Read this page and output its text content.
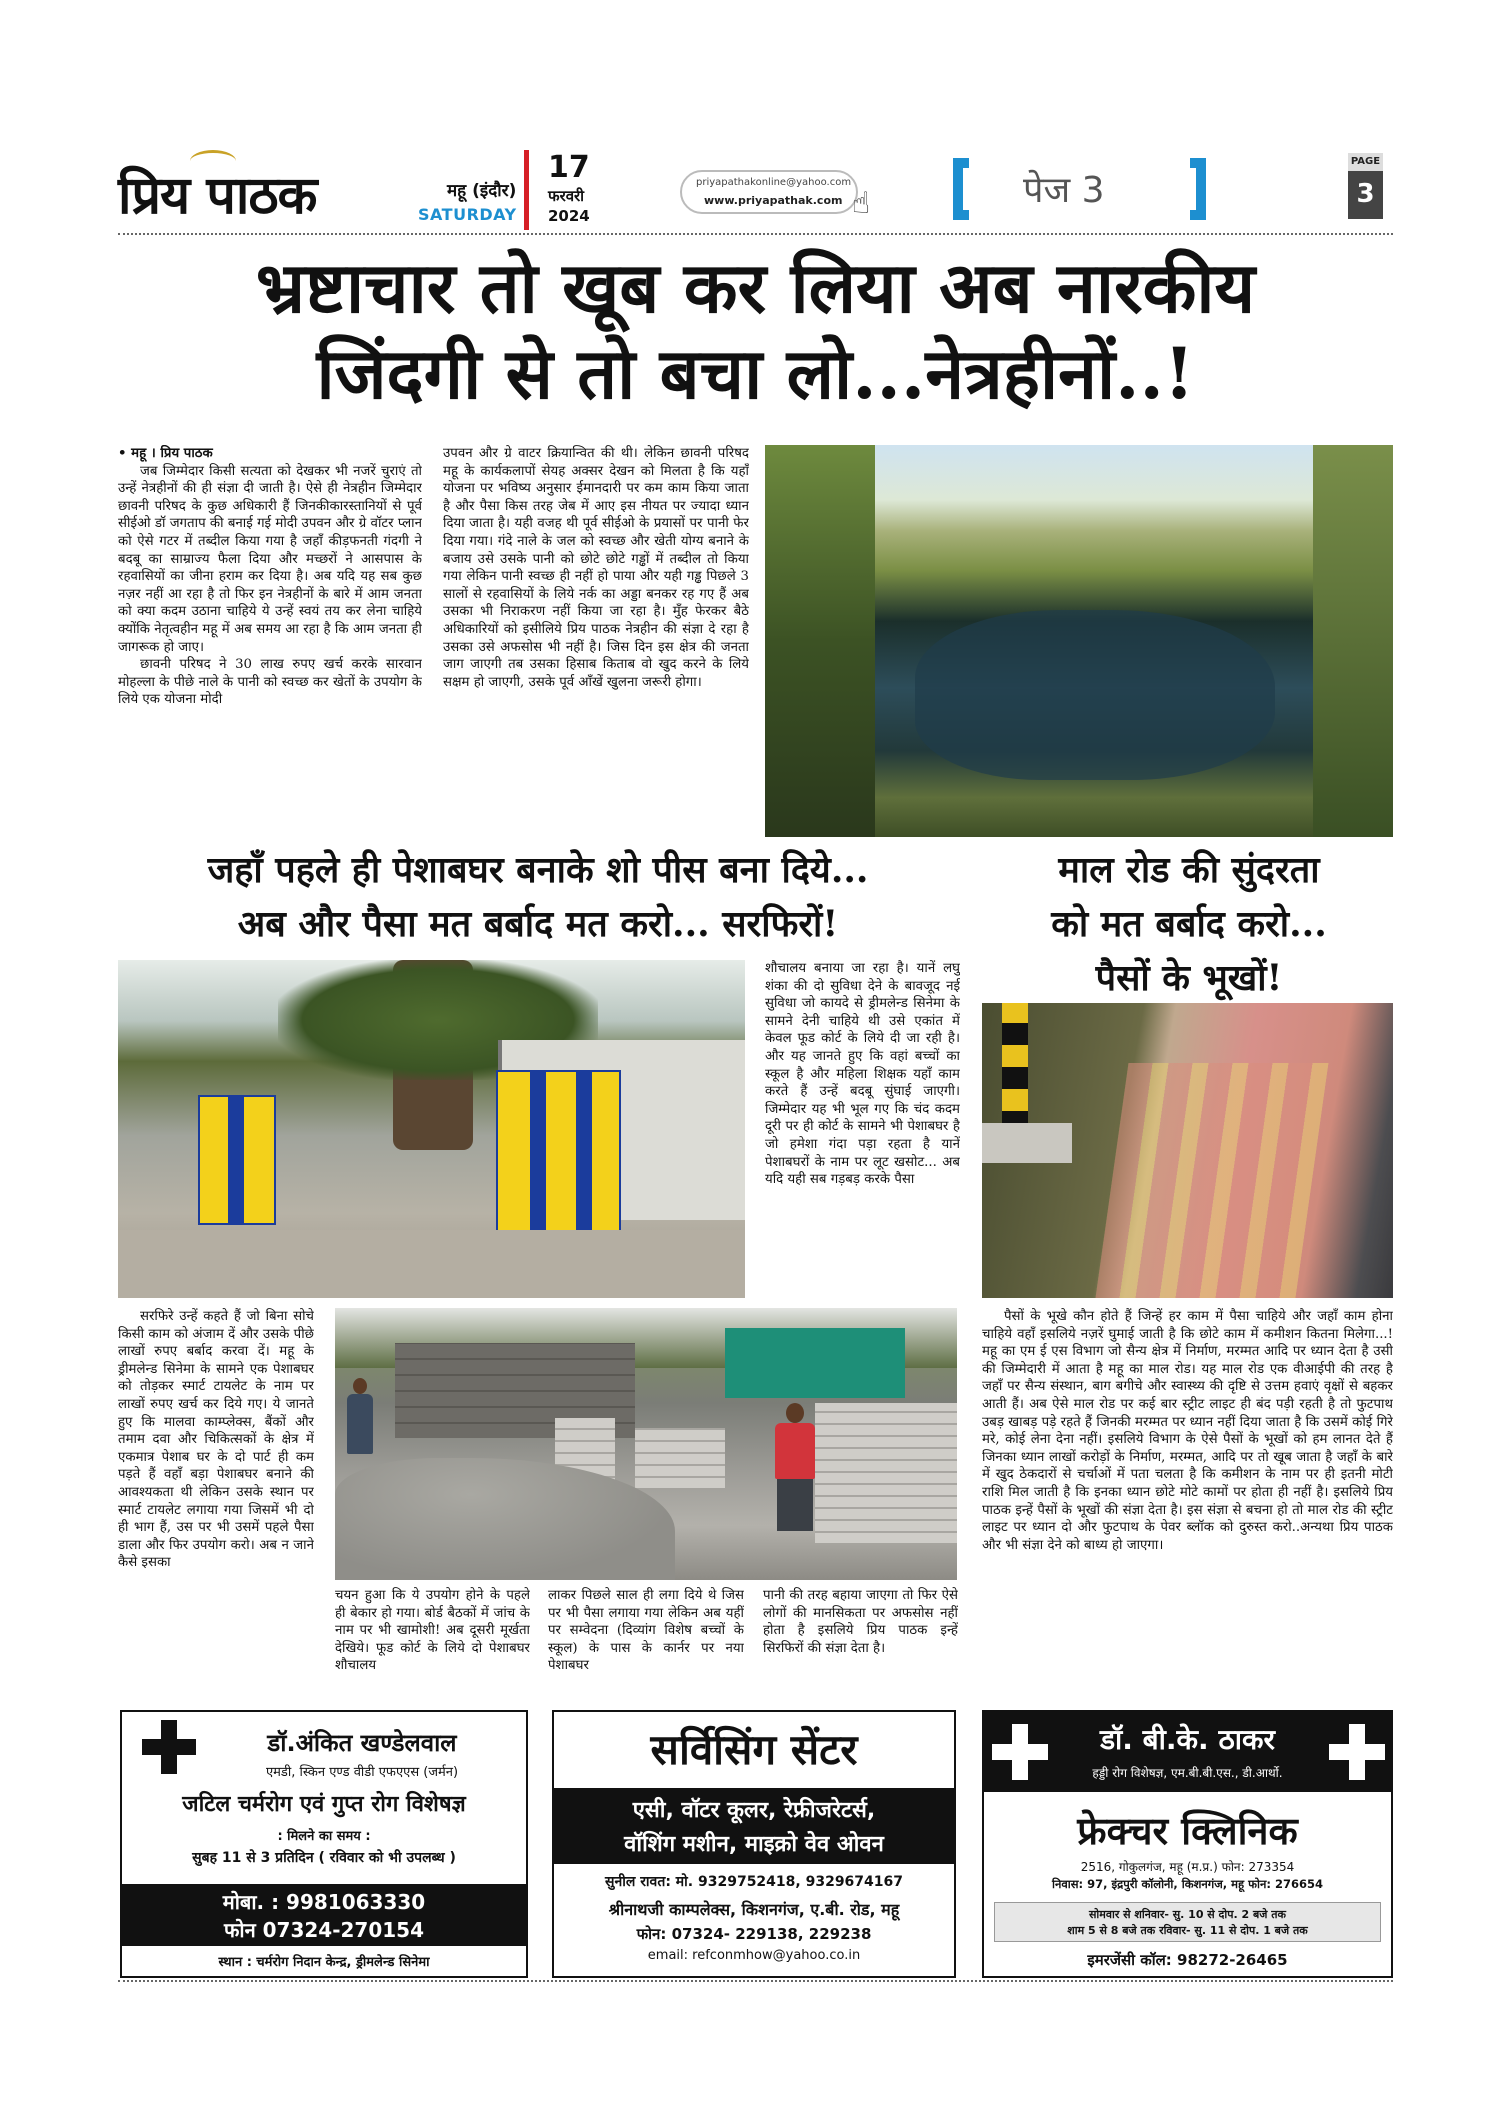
प्रिय पाठक	महू (इंदौर)
SATURDAY
17
फरवरी
2024
priyapathakonline@yahoo.com
www.priyapathak.com ☝	पेज 3
PAGE
3
भ्रष्टाचार तो खूब कर लिया अब नारकीय
जिंदगी से तो बचा लो...नेत्रहीनों..!
• महू । प्रिय पाठक

जब जिम्मेदार किसी सत्यता को देखकर भी नजरें चुराएं तो उन्हें नेत्रहीनों की ही संज्ञा दी जाती है। ऐसे ही नेत्रहीन जिम्मेदार छावनी परिषद के कुछ अधिकारी हैं जिनकीकारस्तानियों से पूर्व सीईओ डॉ जगताप की बनाई गई मोदी उपवन और ग्रे वॉटर प्लान को ऐसे गटर में तब्दील किया गया है जहाँ कीड़फनती गंदगी ने बदबू का साम्राज्य फैला दिया और मच्छरों ने आसपास के रहवासियों का जीना हराम कर दिया है। अब यदि यह सब कुछ नज़र नहीं आ रहा है तो फिर इन नेत्रहीनों के बारे में आम जनता को क्या कदम उठाना चाहिये ये उन्हें स्वयं तय कर लेना चाहिये क्योंकि नेतृत्वहीन महू में अब समय आ रहा है कि आम जनता ही जागरूक हो जाए।

छावनी परिषद ने 30 लाख रुपए खर्च करके सारवान मोहल्ला के पीछे नाले के पानी को स्वच्छ कर खेतों के उपयोग के लिये एक योजना मोदी

उपवन और ग्रे वाटर क्रियान्वित की थी। लेकिन छावनी परिषद महू के कार्यकलापों सेयह अक्सर देखन को मिलता है कि यहाँ योजना पर भविष्य अनुसार ईमानदारी पर कम काम किया जाता है और पैसा किस तरह जेब में आए इस नीयत पर ज्यादा ध्यान दिया जाता है। यही वजह थी पूर्व सीईओ के प्रयासों पर पानी फेर दिया गया। गंदे नाले के जल को स्वच्छ और खेती योग्य बनाने के बजाय उसे उसके पानी को छोटे छोटे गड्ढों में तब्दील तो किया गया लेकिन पानी स्वच्छ ही नहीं हो पाया और यही गड्ढ पिछले 3 सालों से रहवासियों के लिये नर्क का अड्डा बनकर रह गए हैं अब उसका भी निराकरण नहीं किया जा रहा है। मुँह फेरकर बैठे अधिकारियों को इसीलिये प्रिय पाठक नेत्रहीन की संज्ञा दे रहा है उसका उसे अफसोस भी नहीं है। जिस दिन इस क्षेत्र की जनता जाग जाएगी तब उसका हिसाब किताब वो खुद करने के लिये सक्षम हो जाएगी, उसके पूर्व आँखें खुलना जरूरी होगा।

जहाँ पहले ही पेशाबघर बनाके शो पीस बना दिये...
अब और पैसा मत बर्बाद मत करो... सरफिरों!
माल रोड की सुंदरता
को मत बर्बाद करो...
पैसों के भूखों!

शौचालय बनाया जा रहा है। यानें लघु शंका की दो सुविधा देने के बावजूद नई सुविधा जो कायदे से ड्रीमलेन्ड सिनेमा के सामने देनी चाहिये थी उसे एकांत में केवल फूड कोर्ट के लिये दी जा रही है। और यह जानते हुए कि वहां बच्चों का स्कूल है और महिला शिक्षक यहाँ काम करते हैं उन्हें बदबू सुंघाई जाएगी। जिम्मेदार यह भी भूल गए कि चंद कदम दूरी पर ही कोर्ट के सामने भी पेशाबघर है जो हमेशा गंदा पड़ा रहता है यानें पेशाबघरों के नाम पर लूट खसोट... अब यदि यही सब गड़बड़ करके पैसा

सरफिरे उन्हें कहते हैं जो बिना सोचे किसी काम को अंजाम दें और उसके पीछे लाखों रुपए बर्बाद करवा दें। महू के ड्रीमलेन्ड सिनेमा के सामने एक पेशाबघर को तोड़कर स्मार्ट टायलेट के नाम पर लाखों रुपए खर्च कर दिये गए। ये जानते हुए कि मालवा काम्प्लेक्स, बैंकों और तमाम दवा और चिकित्सकों के क्षेत्र में एकमात्र पेशाब घर के दो पार्ट ही कम पड़ते हैं वहाँ बड़ा पेशाबघर बनाने की आवश्यकता थी लेकिन उसके स्थान पर स्मार्ट टायलेट लगाया गया जिसमें भी दो ही भाग हैं, उस पर भी उसमें पहले पैसा डाला और फिर उपयोग करो। अब न जाने कैसे इसका

चयन हुआ कि ये उपयोग होने के पहले ही बेकार हो गया। बोर्ड बैठकों में जांच के नाम पर भी खामोशी! अब दूसरी मूर्खता देखिये। फूड कोर्ट के लिये दो पेशाबघर शौचालय

लाकर पिछले साल ही लगा दिये थे जिस पर भी पैसा लगाया गया लेकिन अब यहीं पर सम्वेदना (दिव्यांग विशेष बच्चों के स्कूल) के पास के कार्नर पर नया पेशाबघर

पानी की तरह बहाया जाएगा तो फिर ऐसे लोगों की मानसिकता पर अफसोस नहीं होता है इसलिये प्रिय पाठक इन्हें सिरफिरों की संज्ञा देता है।

पैसों के भूखे कौन होते हैं जिन्हें हर काम में पैसा चाहिये और जहाँ काम होना चाहिये वहाँ इसलिये नज़रें घुमाई जाती है कि छोटे काम में कमीशन कितना मिलेगा...! महू का एम ई एस विभाग जो सैन्य क्षेत्र में निर्माण, मरम्मत आदि पर ध्यान देता है उसी की जिम्मेदारी में आता है महू का माल रोड। यह माल रोड एक वीआईपी की तरह है जहाँ पर सैन्य संस्थान, बाग बगीचे और स्वास्थ्य की दृष्टि से उत्तम हवाएं वृक्षों से बहकर आती हैं। अब ऐसे माल रोड पर कई बार स्ट्रीट लाइट ही बंद पड़ी रहती है तो फुटपाथ उबड़ खाबड़ पड़े रहते हैं जिनकी मरम्मत पर ध्यान नहीं दिया जाता है कि उसमें कोई गिरे मरे, कोई लेना देना नहीं। इसलिये विभाग के ऐसे पैसों के भूखों को हम लानत देते हैं जिनका ध्यान लाखों करोड़ों के निर्माण, मरम्मत, आदि पर तो खूब जाता है जहाँ के बारे में खुद ठेकदारों से चर्चाओं में पता चलता है कि कमीशन के नाम पर ही इतनी मोटी राशि मिल जाती है कि इनका ध्यान छोटे मोटे कामों पर होता ही नहीं है। इसलिये प्रिय पाठक इन्हें पैसों के भूखों की संज्ञा देता है। इस संज्ञा से बचना हो तो माल रोड की स्ट्रीट लाइट पर ध्यान दो और फुटपाथ के पेवर ब्लॉक को दुरुस्त करो..अन्यथा प्रिय पाठक और भी संज्ञा देने को बाध्य हो जाएगा।

डॉ.अंकित खण्डेलवाल
एमडी, स्किन एण्ड वीडी एफएएस (जर्मन)
जटिल चर्मरोग एवं गुप्त रोग विशेषज्ञ
: मिलने का समय :
सुबह 11 से 3 प्रतिदिन ( रविवार को भी उपलब्ध )
मोबा. : 9981063330
फोन 07324-270154
स्थान : चर्मरोग निदान केन्द्र, ड्रीमलेन्ड सिनेमा
सर्विसिंग सेंटर
एसी, वॉटर कूलर, रेफ्रीजरेटर्स,
वॉशिंग मशीन, माइक्रो वेव ओवन
सुनील रावत: मो. 9329752418, 9329674167
श्रीनाथजी काम्पलेक्स, किशनगंज, ए.बी. रोड, महू
फोन: 07324- 229138, 229238
email: refconmhow@yahoo.co.in
डॉ. बी.के. ठाकर
हड्डी रोग विशेषज्ञ, एम.बी.बी.एस., डी.आर्थो.
फ्रेक्चर क्लिनिक
2516, गोकुलगंज, महू (म.प्र.) फोन: 273354
निवास: 97, इंद्रपुरी कॉलोनी, किशनगंज, महू फोन: 276654
सोमवार से शनिवार- सु. 10 से दोप. 2 बजे तक
शाम 5 से 8 बजे तक रविवार- सु. 11 से दोप. 1 बजे तक
इमरजेंसी कॉल: 98272-26465
